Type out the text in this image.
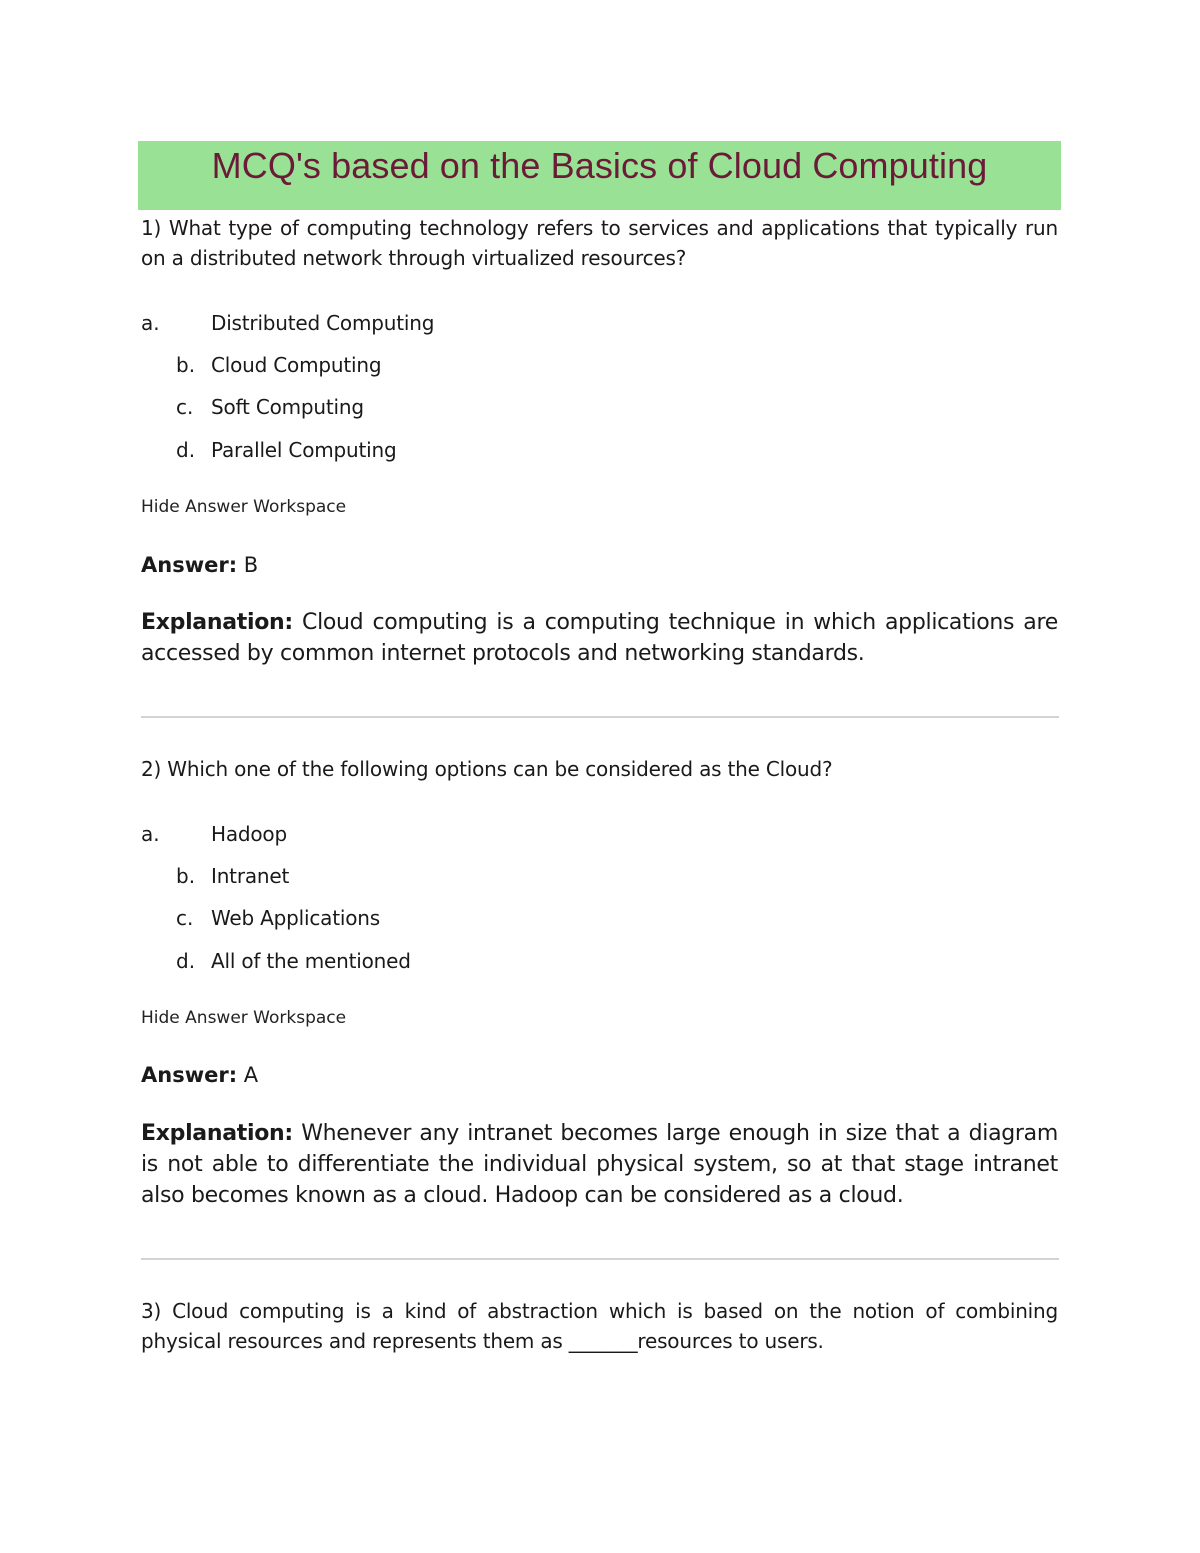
MCQ's based on the Basics of Cloud Computing
1) What type of computing technology refers to services and applications that typically run on a distributed network through virtualized resources?
a.	Distributed Computing
b. Cloud Computing
c. Soft Computing
d. Parallel Computing
Hide Answer Workspace
Answer: B
Explanation: Cloud computing is a computing technique in which applications are accessed by common internet protocols and networking standards.
2) Which one of the following options can be considered as the Cloud?
a.	Hadoop
b. Intranet
c. Web Applications
d. All of the mentioned
Hide Answer Workspace
Answer: A
Explanation: Whenever any intranet becomes large enough in size that a diagram is not able to differentiate the individual physical system, so at that stage intranet also becomes known as a cloud. Hadoop can be considered as a cloud.
3) Cloud computing is a kind of abstraction which is based on the notion of combining physical resources and represents them as _______resources to users.
